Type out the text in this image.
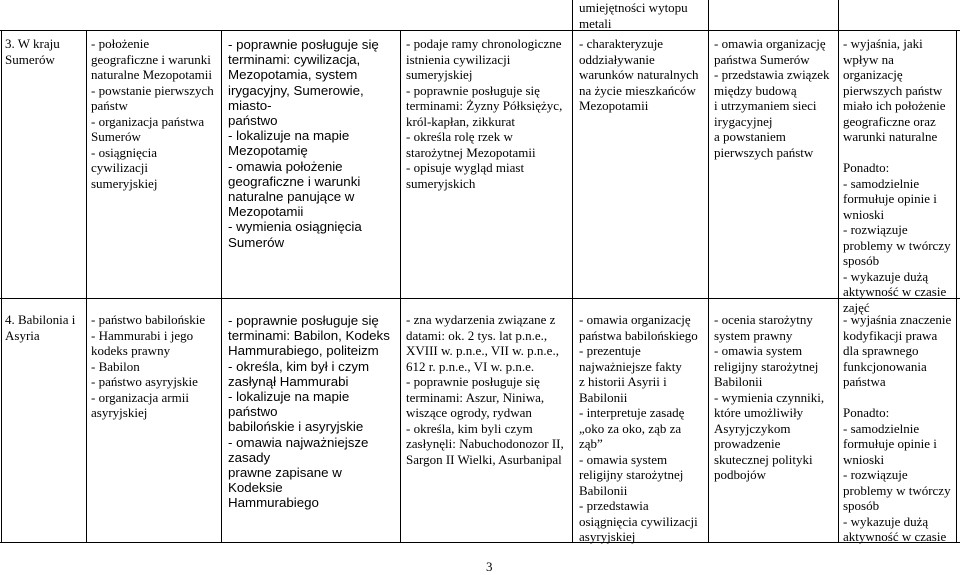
umiejętności wytopu
metali
3. W kraju
Sumerów
- położenie
geograficzne i warunki
naturalne Mezopotamii
- powstanie pierwszych
państw
- organizacja państwa
Sumerów
- osiągnięcia
cywilizacji
sumeryjskiej
- poprawnie posługuje się
terminami: cywilizacja,
Mezopotamia, system
irygacyjny, Sumerowie, miasto-
państwo
- lokalizuje na mapie
Mezopotamię
- omawia położenie
geograficzne i warunki
naturalne panujące w
Mezopotamii
- wymienia osiągnięcia
Sumerów
- podaje ramy chronologiczne
istnienia cywilizacji
sumeryjskiej
- poprawnie posługuje się
terminami: Żyzny Półksiężyc,
król-kapłan, zikkurat
- określa rolę rzek w
starożytnej Mezopotamii
- opisuje wygląd miast
sumeryjskich
- charakteryzuje
oddziaływanie
warunków naturalnych
na życie mieszkańców
Mezopotamii
- omawia organizację
państwa Sumerów
- przedstawia związek
między budową
i utrzymaniem sieci
irygacyjnej
a powstaniem
pierwszych państw
- wyjaśnia, jaki
wpływ na
organizację
pierwszych państw
miało ich położenie
geograficzne oraz
warunki naturalne

Ponadto:
- samodzielnie
formułuje opinie i
wnioski
- rozwiązuje
problemy w twórczy
sposób
- wykazuje dużą
aktywność w czasie
zajęć
4. Babilonia i
Asyria
- państwo babilońskie
- Hammurabi i jego
kodeks prawny
- Babilon
- państwo asyryjskie
- organizacja armii
asyryjskiej
- poprawnie posługuje się
terminami: Babilon, Kodeks
Hammurabiego, politeizm
- określa, kim był i czym
zasłynął Hammurabi
- lokalizuje na mapie państwo
babilońskie i asyryjskie
- omawia najważniejsze zasady
prawne zapisane w Kodeksie
Hammurabiego
- zna wydarzenia związane z
datami: ok. 2 tys. lat p.n.e.,
XVIII w. p.n.e., VII w. p.n.e.,
612 r. p.n.e., VI w. p.n.e.
- poprawnie posługuje się
terminami: Aszur, Niniwa,
wiszące ogrody, rydwan
- określa, kim byli czym
zasłynęli: Nabuchodonozor II,
Sargon II Wielki, Asurbanipal
- omawia organizację
państwa babilońskiego
- prezentuje
najważniejsze fakty
z historii Asyrii i
Babilonii
- interpretuje zasadę
„oko za oko, ząb za
ząb”
- omawia system
religijny starożytnej
Babilonii
- przedstawia
osiągnięcia cywilizacji
asyryjskiej
- ocenia starożytny
system prawny
- omawia system
religijny starożytnej
Babilonii
- wymienia czynniki,
które umożliwiły
Asyryjczykom
prowadzenie
skutecznej polityki
podbojów
- wyjaśnia znaczenie
kodyfikacji prawa
dla sprawnego
funkcjonowania
państwa

Ponadto:
- samodzielnie
formułuje opinie i
wnioski
- rozwiązuje
problemy w twórczy
sposób
- wykazuje dużą
aktywność w czasie
3
